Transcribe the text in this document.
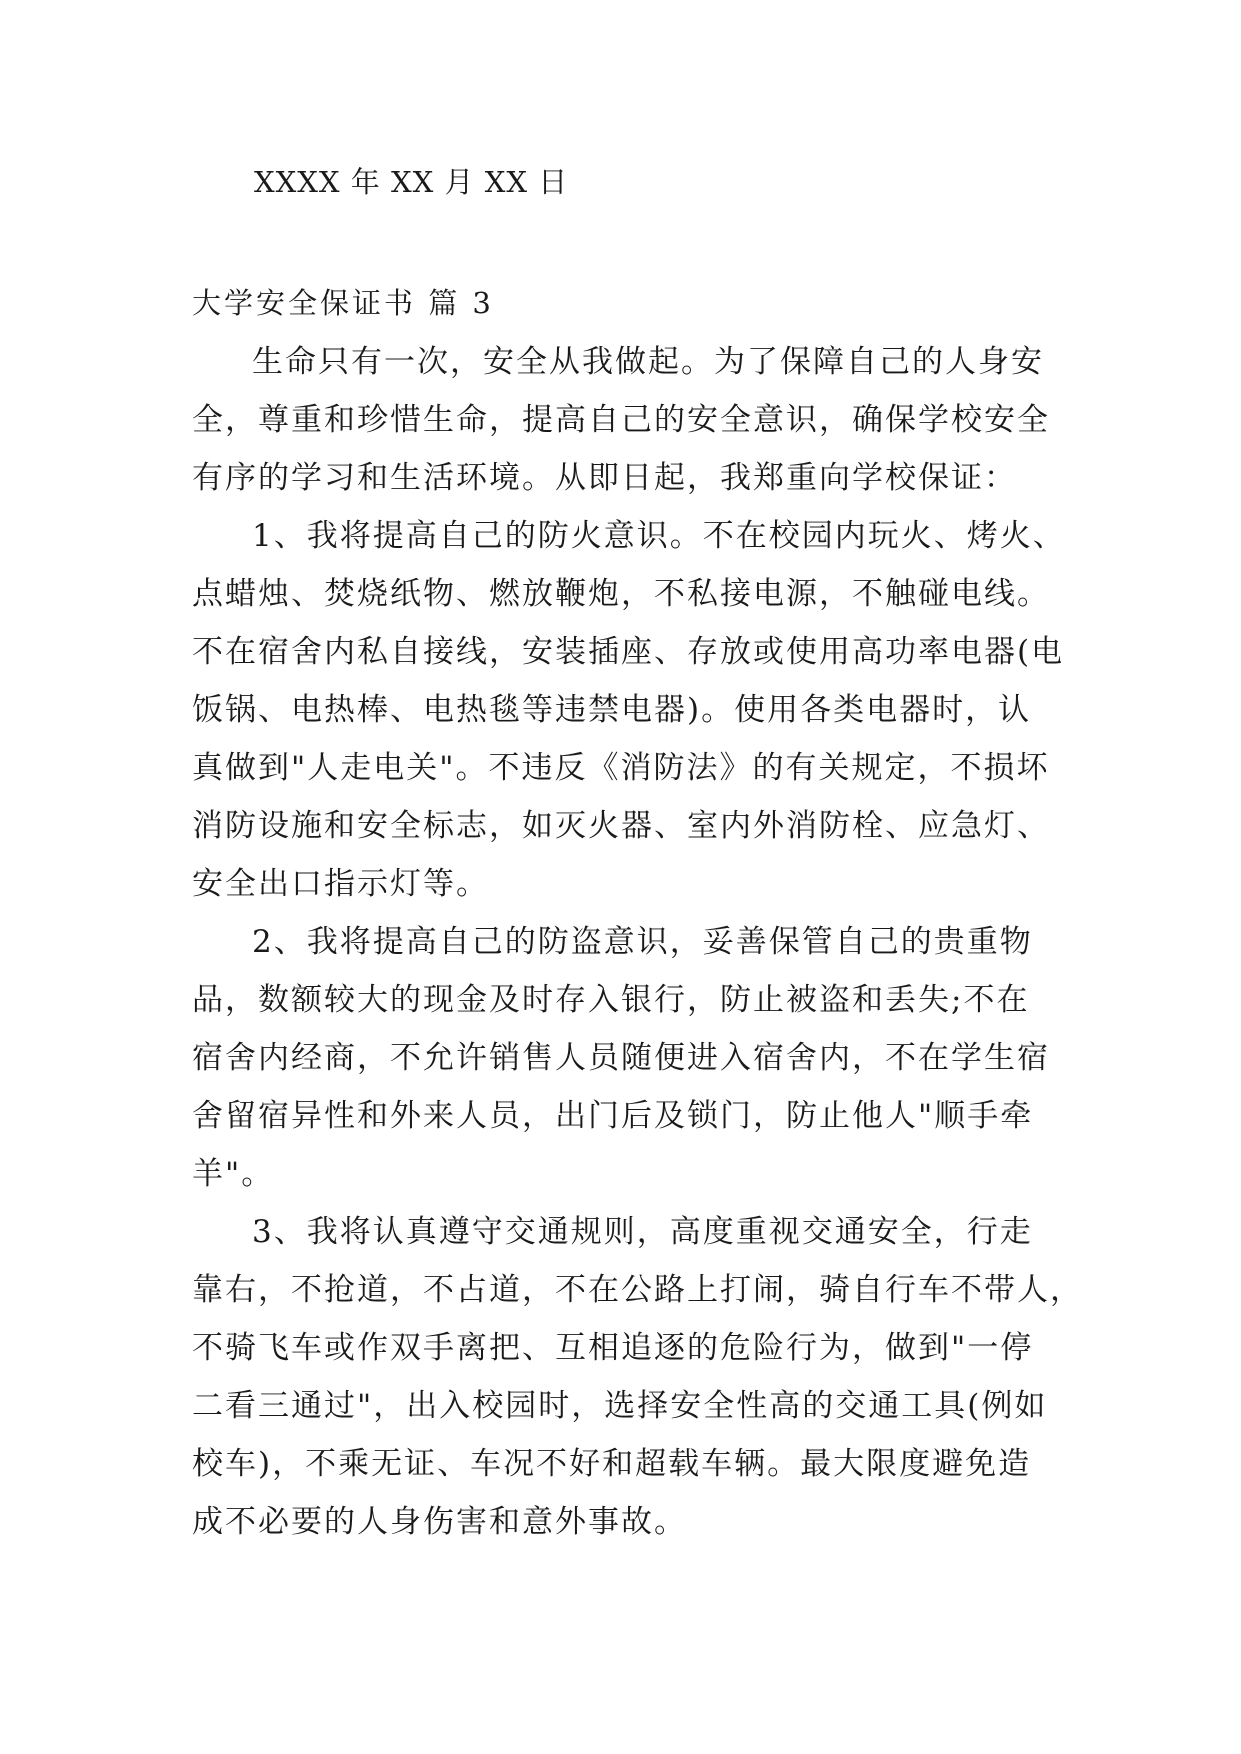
XXXX 年 XX 月 XX 日
大学安全保证书 篇 3
生命只有一次，安全从我做起。为了保障自己的人身安
全，尊重和珍惜生命，提高自己的安全意识，确保学校安全
有序的学习和生活环境。从即日起，我郑重向学校保证：
1、我将提高自己的防火意识。不在校园内玩火、烤火、
点蜡烛、焚烧纸物、燃放鞭炮，不私接电源，不触碰电线。
不在宿舍内私自接线，安装插座、存放或使用高功率电器(电
饭锅、电热棒、电热毯等违禁电器)。使用各类电器时，认
真做到"人走电关"。不违反《消防法》的有关规定，不损坏
消防设施和安全标志，如灭火器、室内外消防栓、应急灯、
安全出口指示灯等。
2、我将提高自己的防盗意识，妥善保管自己的贵重物
品，数额较大的现金及时存入银行，防止被盗和丢失;不在
宿舍内经商，不允许销售人员随便进入宿舍内，不在学生宿
舍留宿异性和外来人员，出门后及锁门，防止他人"顺手牵
羊"。
3、我将认真遵守交通规则，高度重视交通安全，行走
靠右，不抢道，不占道，不在公路上打闹，骑自行车不带人，
不骑飞车或作双手离把、互相追逐的危险行为，做到"一停
二看三通过"，出入校园时，选择安全性高的交通工具(例如
校车)，不乘无证、车况不好和超载车辆。最大限度避免造
成不必要的人身伤害和意外事故。
